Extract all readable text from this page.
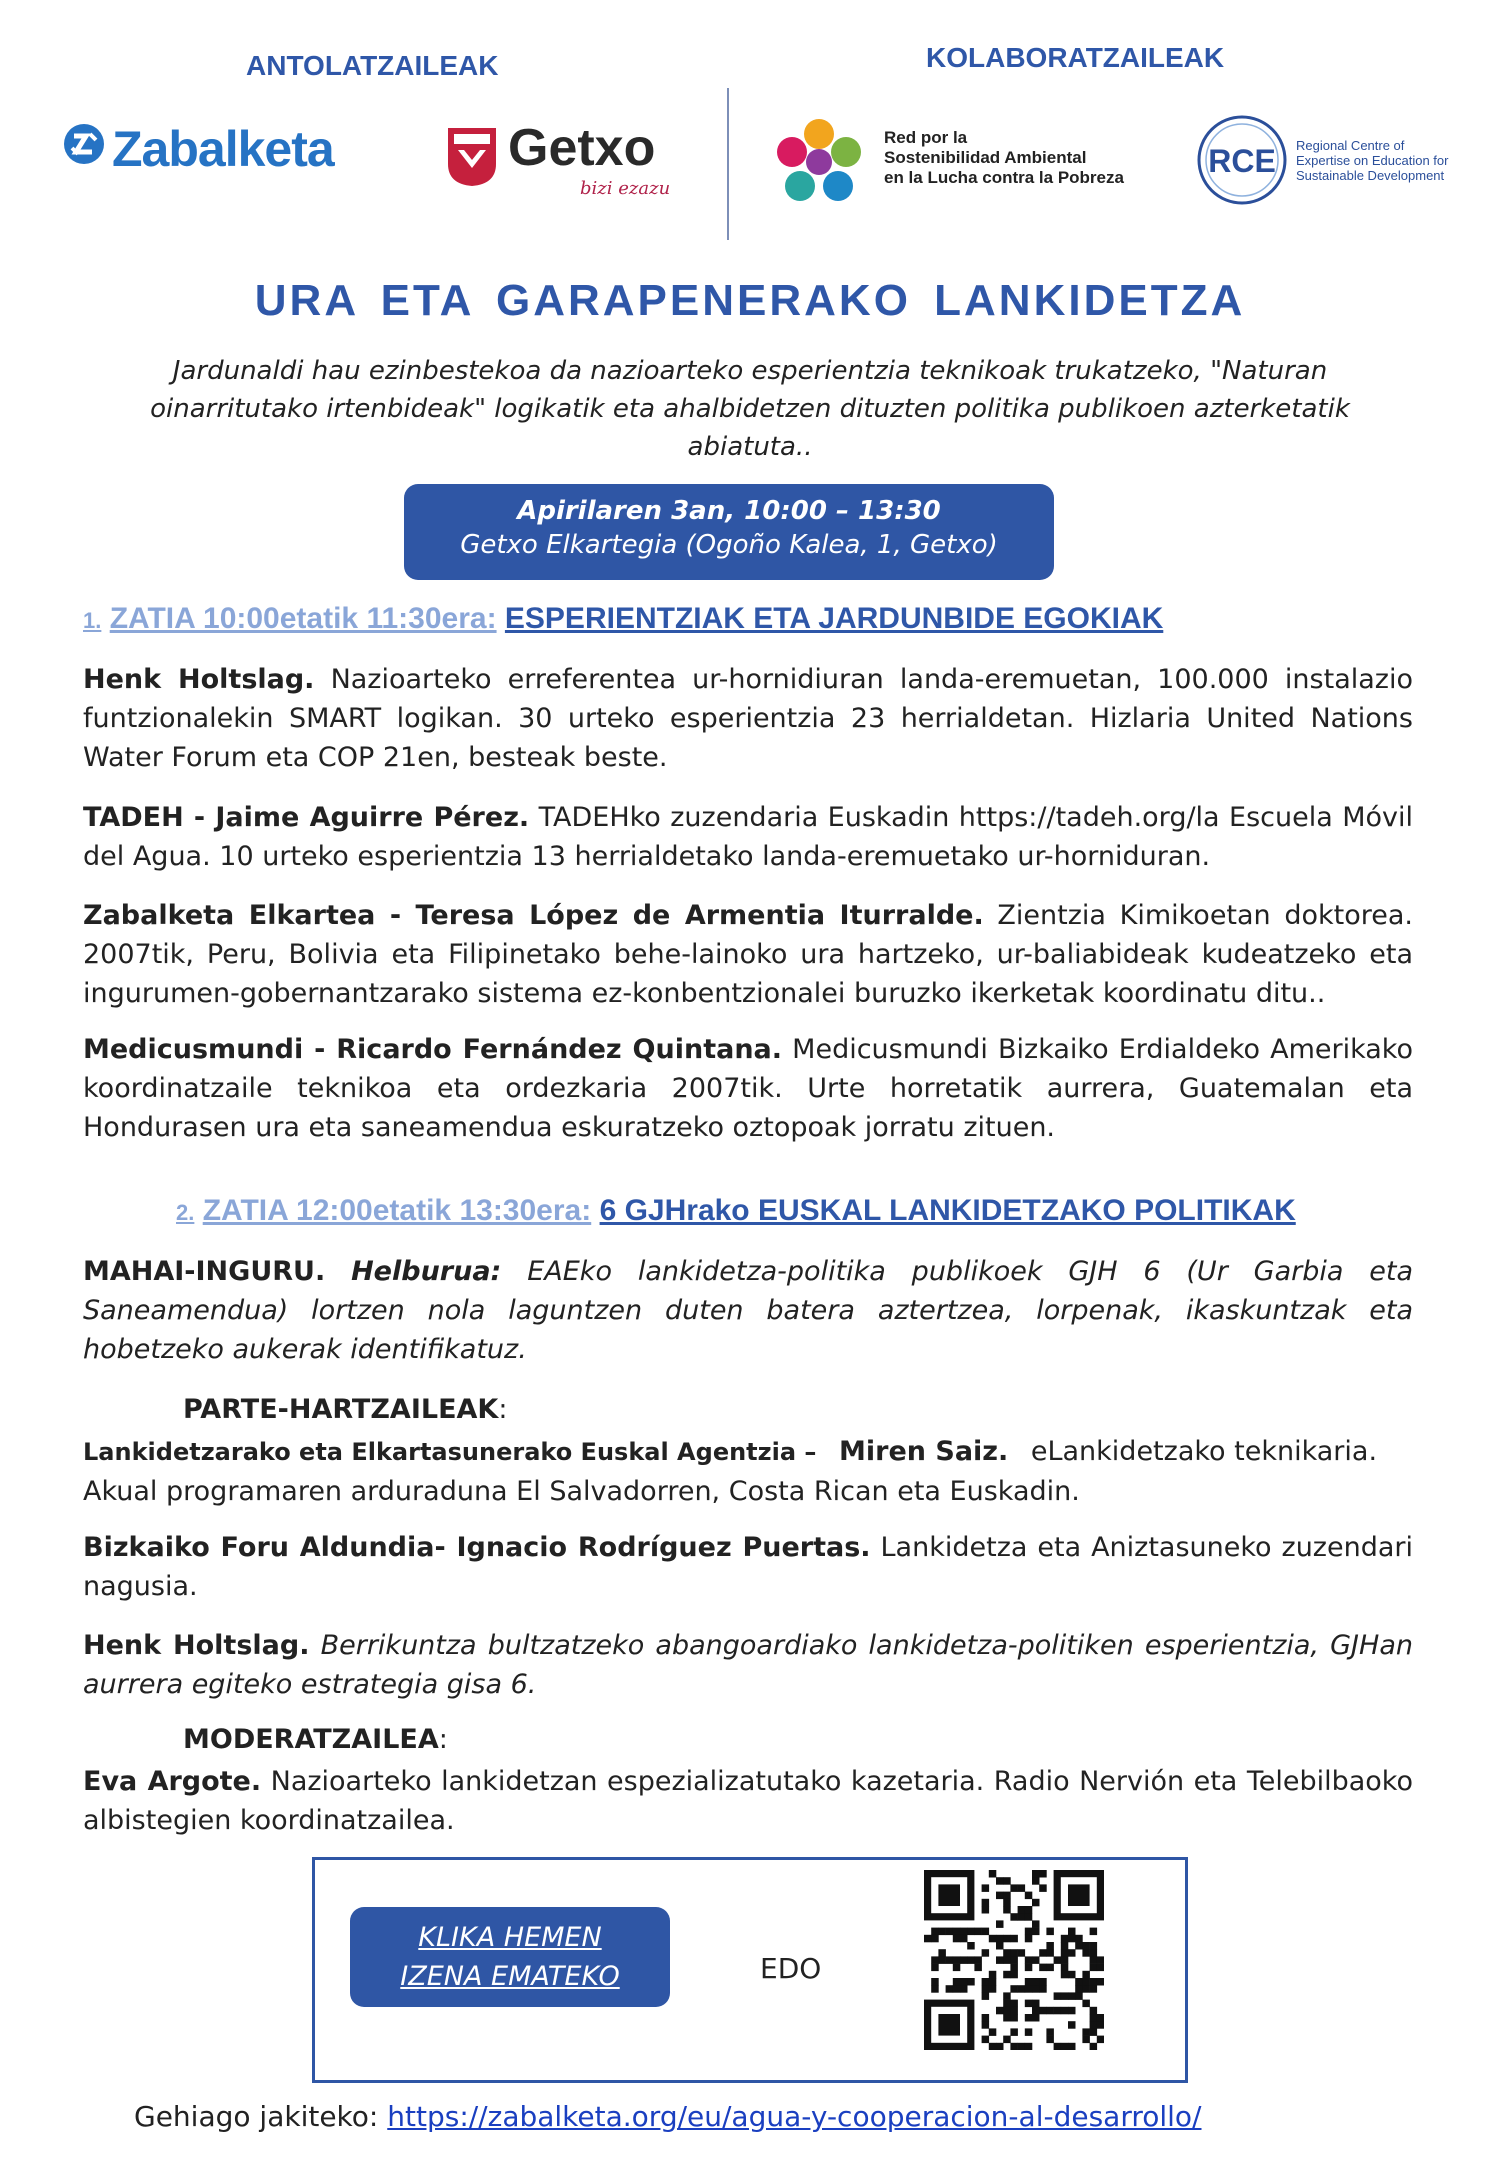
ANTOLATZAILEAK	KOLABORATZAILEAK
Zabalketa	Getxo
bizi ezazu
Red por la
Sostenibilidad Ambiental
en la Lucha contra la Pobreza	RCE Regional Centre of
Expertise on Education for
Sustainable Development
URA ETA GARAPENERAKO LANKIDETZA
Jardunaldi hau ezinbestekoa da nazioarteko esperientzia teknikoak trukatzeko, "Naturan oinarritutako irtenbideak" logikatik eta ahalbidetzen dituzten politika publikoen azterketatik abiatuta..
Apirilaren 3an, 10:00 – 13:30
Getxo Elkartegia (Ogoño Kalea, 1, Getxo)
1. ZATIA 10:00etatik 11:30era: ESPERIENTZIAK ETA JARDUNBIDE EGOKIAK
Henk Holtslag. Nazioarteko erreferentea ur-hornidiuran landa-eremuetan, 100.000 instalazio funtzionalekin SMART logikan. 30 urteko esperientzia 23 herrialdetan. Hizlaria United Nations Water Forum eta COP 21en, besteak beste.
TADEH - Jaime Aguirre Pérez. TADEHko zuzendaria Euskadin https://tadeh.org/la Escuela Móvil del Agua. 10 urteko esperientzia 13 herrialdetako landa-eremuetako ur-horniduran.
Zabalketa Elkartea - Teresa López de Armentia Iturralde. Zientzia Kimikoetan doktorea. 2007tik, Peru, Bolivia eta Filipinetako behe-lainoko ura hartzeko, ur-baliabideak kudeatzeko eta ingurumen-gobernantzarako sistema ez-konbentzionalei buruzko ikerketak koordinatu ditu..
Medicusmundi - Ricardo Fernández Quintana. Medicusmundi Bizkaiko Erdialdeko Amerikako koordinatzaile teknikoa eta ordezkaria 2007tik. Urte horretatik aurrera, Guatemalan eta Hondurasen ura eta saneamendua eskuratzeko oztopoak jorratu zituen.
2. ZATIA 12:00etatik 13:30era: 6 GJHrako EUSKAL LANKIDETZAKO POLITIKAK
MAHAI-INGURU. Helburua: EAEko lankidetza-politika publikoek GJH 6 (Ur Garbia eta Saneamendua) lortzen nola laguntzen duten batera aztertzea, lorpenak, ikaskuntzak eta hobetzeko aukerak identifikatuz.
PARTE-HARTZAILEAK:
Lankidetzarako eta Elkartasunerako Euskal Agentzia – Miren Saiz. eLankidetzako teknikaria.
Akual programaren arduraduna El Salvadorren, Costa Rican eta Euskadin.
Bizkaiko Foru Aldundia- Ignacio Rodríguez Puertas. Lankidetza eta Aniztasuneko zuzendari nagusia.
Henk Holtslag. Berrikuntza bultzatzeko abangoardiako lankidetza-politiken esperientzia, GJHan aurrera egiteko estrategia gisa 6.
MODERATZAILEA:
Eva Argote. Nazioarteko lankidetzan espezializatutako kazetaria. Radio Nervión eta Telebilbaoko albistegien koordinatzailea.
KLIKA HEMEN
IZENA EMATEKO	EDO
Gehiago jakiteko: https://zabalketa.org/eu/agua-y-cooperacion-al-desarrollo/
